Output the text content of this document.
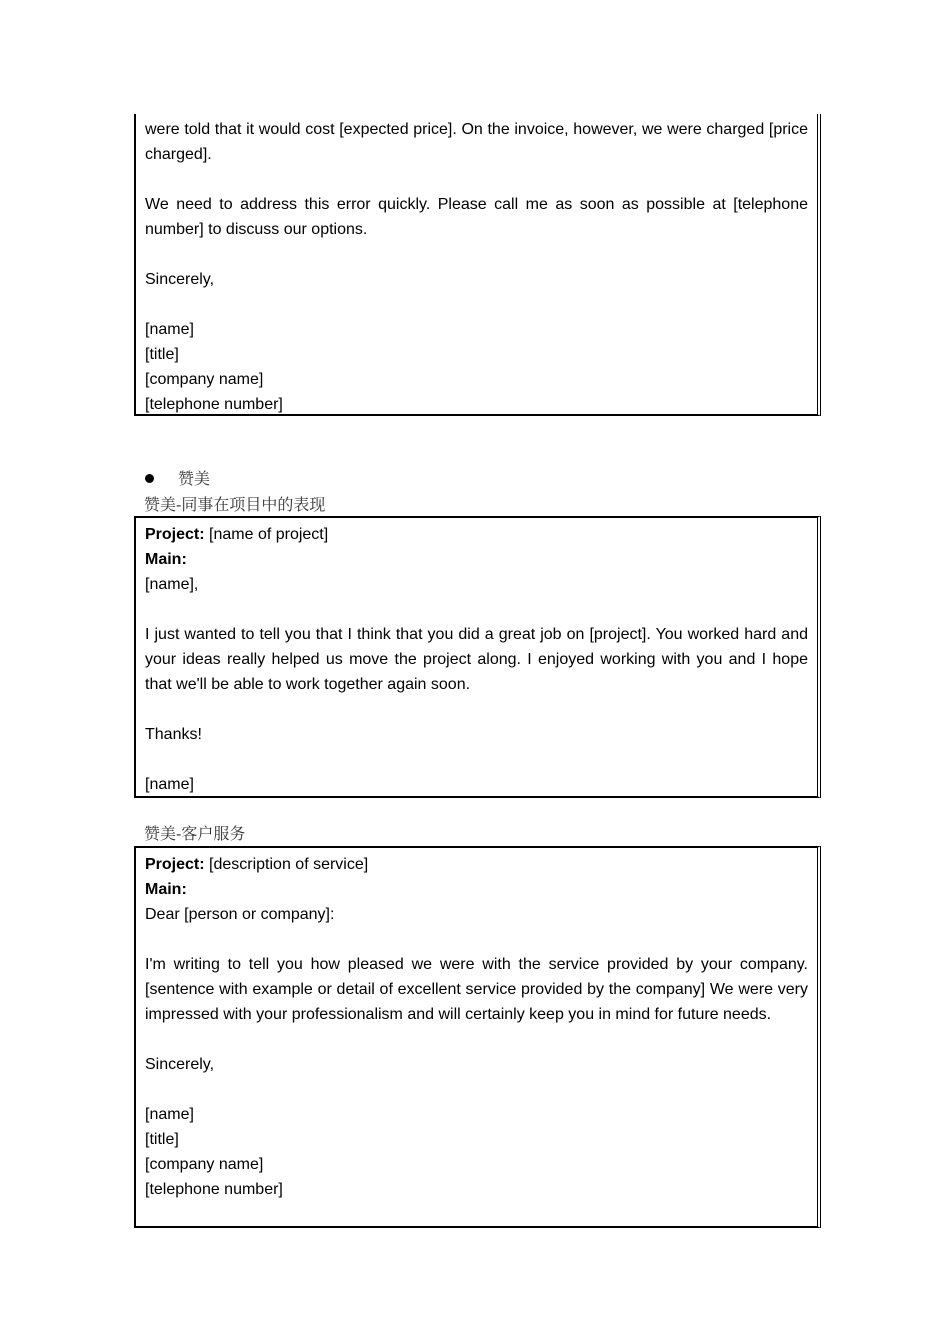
were told that it would cost [expected price]. On the invoice, however, we were charged [price charged].
We need to address this error quickly. Please call me as soon as possible at [telephone number] to discuss our options.
Sincerely,
[name]
[title]
[company name]
[telephone number]
赞美
赞美-同事在项目中的表现
Project: [name of project]
Main:
[name],
I just wanted to tell you that I think that you did a great job on [project]. You worked hard and your ideas really helped us move the project along. I enjoyed working with you and I hope that we'll be able to work together again soon.
Thanks!
[name]
赞美-客户服务
Project: [description of service]
Main:
Dear [person or company]:
I'm writing to tell you how pleased we were with the service provided by your company. [sentence with example or detail of excellent service provided by the company] We were very impressed with your professionalism and will certainly keep you in mind for future needs.
Sincerely,
[name]
[title]
[company name]
[telephone number]
